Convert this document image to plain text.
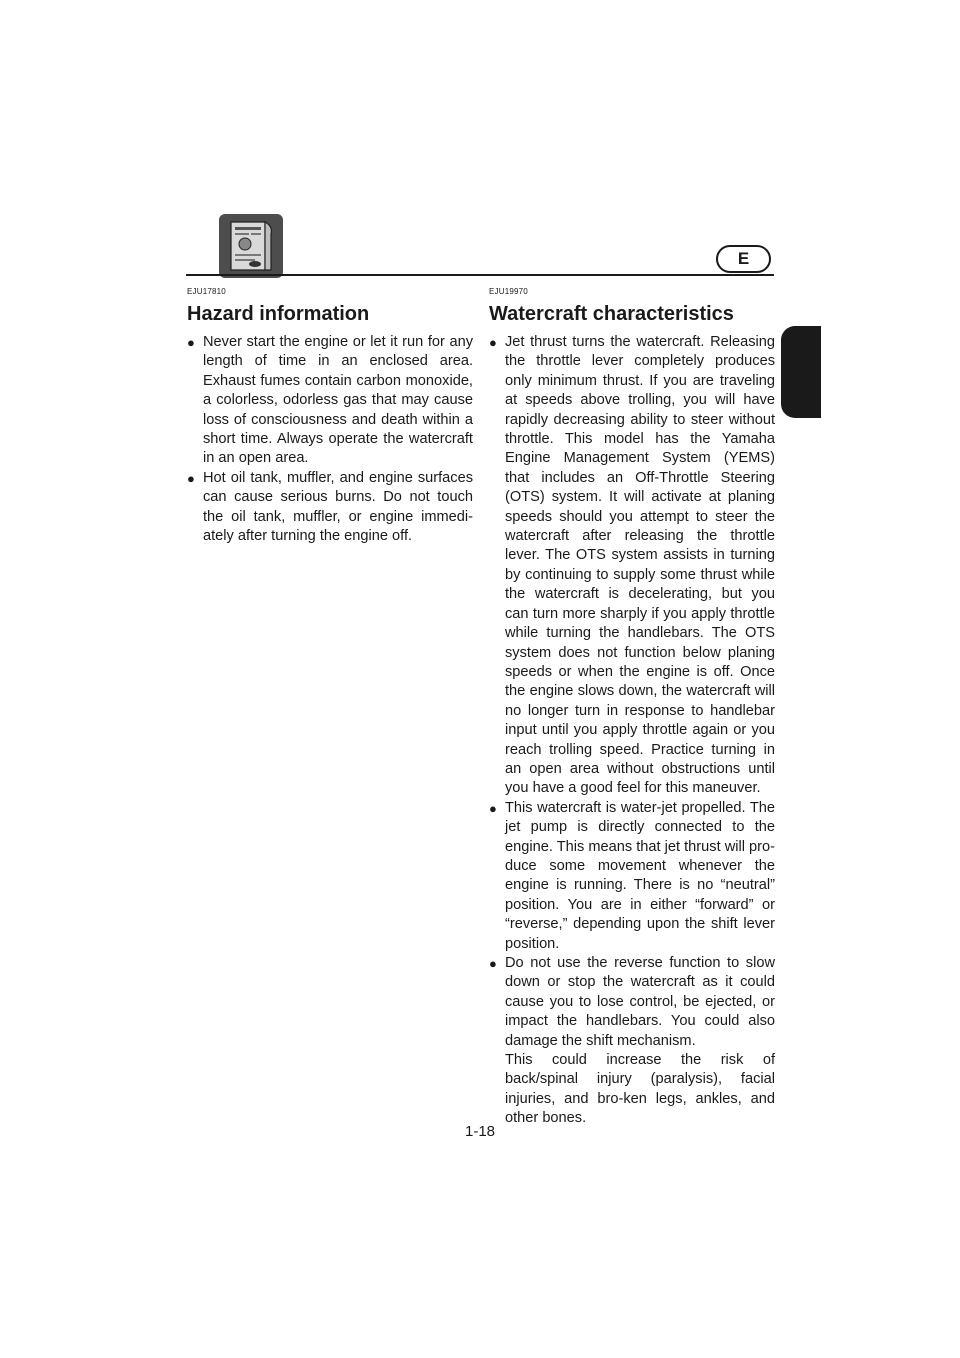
E
EJU17810
Hazard information
● Never start the engine or let it run for any length of time in an enclosed area. Exhaust fumes contain carbon monoxide, a colorless, odorless gas that may cause loss of consciousness and death within a short time. Always operate the watercraft in an open area.
● Hot oil tank, muffler, and engine surfaces can cause serious burns. Do not touch the oil tank, muffler, or engine immedi-ately after turning the engine off.
EJU19970
Watercraft characteristics
● Jet thrust turns the watercraft. Releasing the throttle lever completely produces only minimum thrust. If you are traveling at speeds above trolling, you will have rapidly decreasing ability to steer without throttle. This model has the Yamaha Engine Management System (YEMS) that includes an Off-Throttle Steering (OTS) system. It will activate at planing speeds should you attempt to steer the watercraft after releasing the throttle lever. The OTS system assists in turning by continuing to supply some thrust while the watercraft is decelerating, but you can turn more sharply if you apply throttle while turning the handlebars. The OTS system does not function below planing speeds or when the engine is off. Once the engine slows down, the watercraft will no longer turn in response to handlebar input until you apply throttle again or you reach trolling speed. Practice turning in an open area without obstructions until you have a good feel for this maneuver.
● This watercraft is water-jet propelled. The jet pump is directly connected to the engine. This means that jet thrust will pro-duce some movement whenever the engine is running. There is no “neutral” position. You are in either “forward” or “reverse,” depending upon the shift lever position.
● Do not use the reverse function to slow down or stop the watercraft as it could cause you to lose control, be ejected, or impact the handlebars. You could also damage the shift mechanism.
This could increase the risk of back/spinal injury (paralysis), facial injuries, and bro-ken legs, ankles, and other bones.
1-18
